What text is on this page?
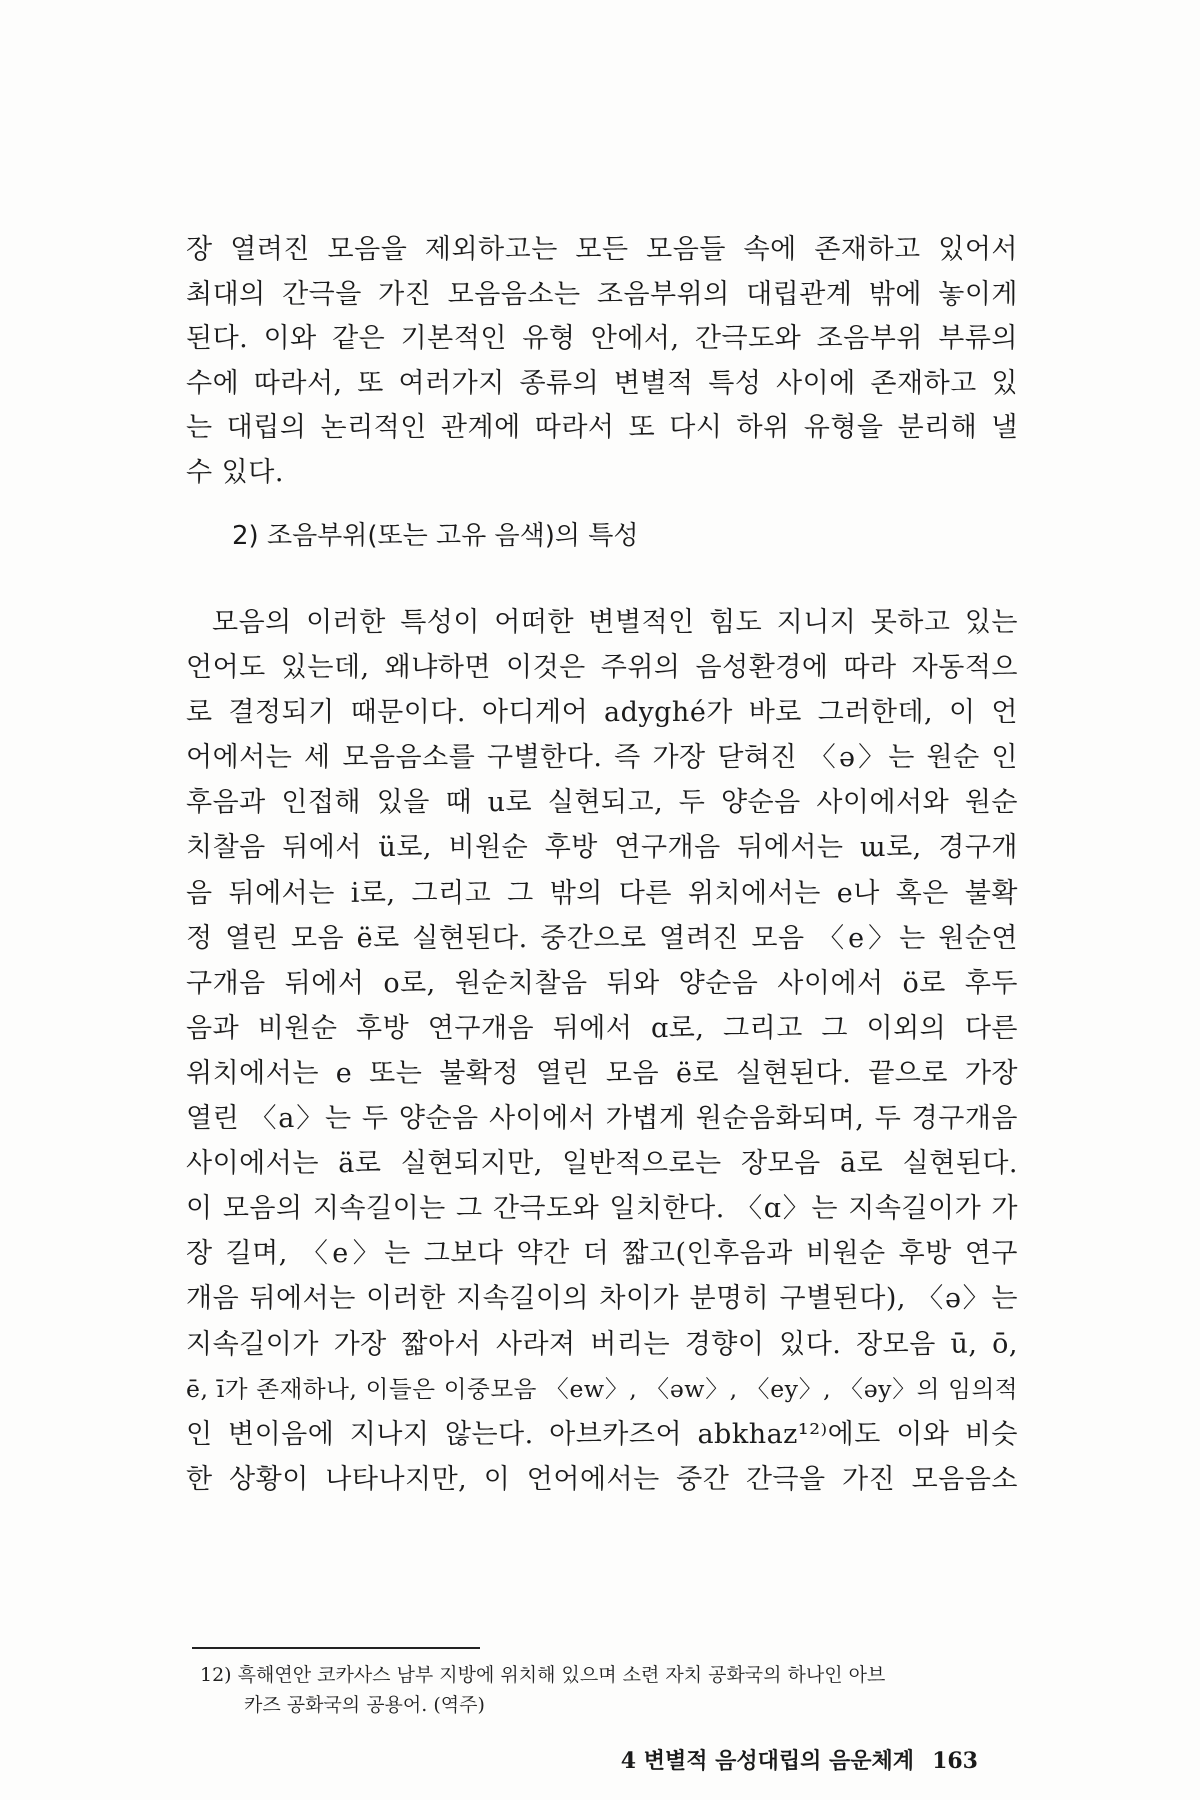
장 열려진 모음을 제외하고는 모든 모음들 속에 존재하고 있어서
최대의 간극을 가진 모음음소는 조음부위의 대립관계 밖에 놓이게
된다. 이와 같은 기본적인 유형 안에서, 간극도와 조음부위 부류의
수에 따라서, 또 여러가지 종류의 변별적 특성 사이에 존재하고 있
는 대립의 논리적인 관계에 따라서 또 다시 하위 유형을 분리해 낼
수 있다.
2) 조음부위(또는 고유 음색)의 특성
모음의 이러한 특성이 어떠한 변별적인 힘도 지니지 못하고 있는
언어도 있는데, 왜냐하면 이것은 주위의 음성환경에 따라 자동적으
로 결정되기 때문이다. 아디게어 adyghé가 바로 그러한데, 이 언
어에서는 세 모음음소를 구별한다. 즉 가장 닫혀진 〈ə〉는 원순 인
후음과 인접해 있을 때 u로 실현되고, 두 양순음 사이에서와 원순
치찰음 뒤에서 ü로, 비원순 후방 연구개음 뒤에서는 ɯ로, 경구개
음 뒤에서는 i로, 그리고 그 밖의 다른 위치에서는 e나 혹은 불확
정 열린 모음 ë로 실현된다. 중간으로 열려진 모음 〈e〉는 원순연
구개음 뒤에서 o로, 원순치찰음 뒤와 양순음 사이에서 ö로 후두
음과 비원순 후방 연구개음 뒤에서 ɑ로, 그리고 그 이외의 다른
위치에서는 e 또는 불확정 열린 모음 ë로 실현된다. 끝으로 가장
열린 〈a〉는 두 양순음 사이에서 가볍게 원순음화되며, 두 경구개음
사이에서는 ä로 실현되지만, 일반적으로는 장모음 ā로 실현된다.
이 모음의 지속길이는 그 간극도와 일치한다. 〈ɑ〉는 지속길이가 가
장 길며, 〈e〉는 그보다 약간 더 짧고(인후음과 비원순 후방 연구
개음 뒤에서는 이러한 지속길이의 차이가 분명히 구별된다), 〈ə〉는
지속길이가 가장 짧아서 사라져 버리는 경향이 있다. 장모음 ū, ō,
ē, ī가 존재하나, 이들은 이중모음 〈ew〉, 〈əw〉, 〈ey〉, 〈əy〉의 임의적
인 변이음에 지나지 않는다. 아브카즈어 abkhaz¹²⁾에도 이와 비슷
한 상황이 나타나지만, 이 언어에서는 중간 간극을 가진 모음음소
12) 흑해연안 코카사스 남부 지방에 위치해 있으며 소련 자치 공화국의 하나인 아브
카즈 공화국의 공용어. (역주)
4 변별적 음성대립의 음운체계 163
